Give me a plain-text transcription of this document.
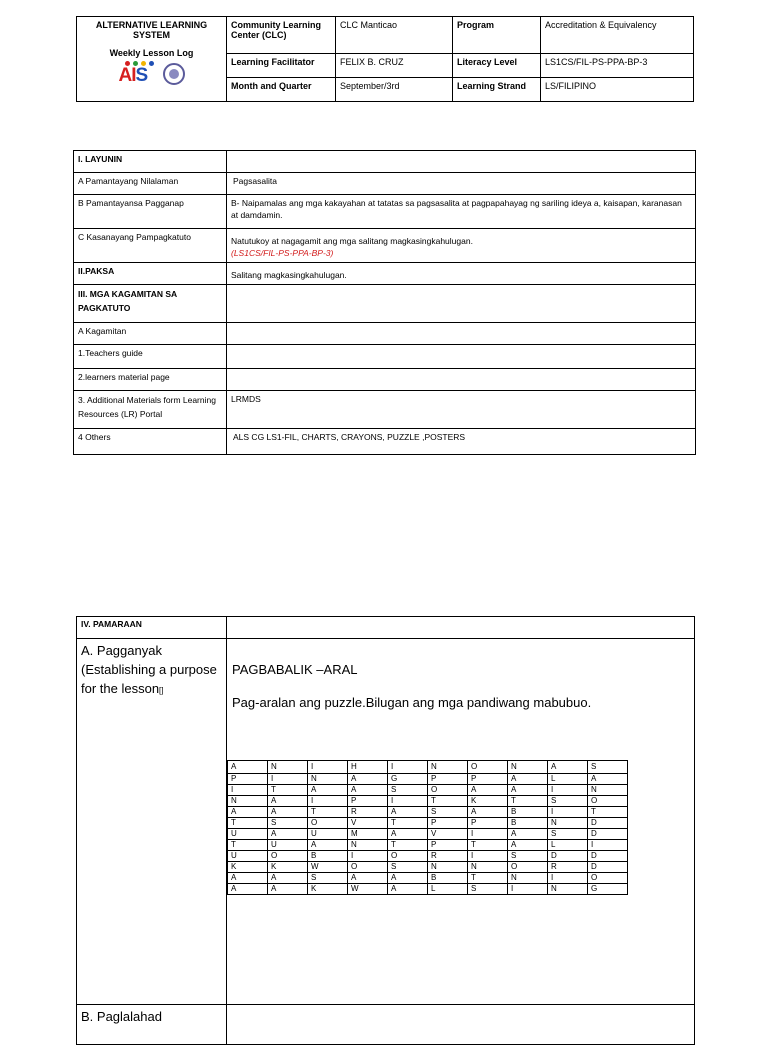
ALTERNATIVE LEARNING SYSTEM
Weekly Lesson Log
AIS	Community Learning Center (CLC)	CLC Manticao	Program	Accreditation & Equivalency
	Learning Facilitator	FELIX B. CRUZ	Literacy Level	LS1CS/FIL-PS-PPA-BP-3
	Month and Quarter	September/3rd	Learning Strand	LS/FILIPINO
I. LAYUNIN	
A Pamantayang Nilalaman	Pagsasalita
B Pamantayansa Pagganap	B- Naipamalas ang mga kakayahan at tatatas sa pagsasalita at pagpapahayag ng sariling ideya a, kaisapan, karanasan at damdamin.
C Kasanayang Pampagkatuto	Natutukoy at nagagamit ang mga salitang magkasingkahulugan.
(LS1CS/FIL-PS-PPA-BP-3)

II.PAKSA	Salitang magkasingkahulugan.

III. MGA KAGAMITAN SA PAGKATUTO	
A Kagamitan	
1.Teachers guide	
2.learners material page	
3. Additional Materials form Learning Resources (LR) Portal	LRMDS
4 Others	ALS CG LS1-FIL, CHARTS, CRAYONS, PUZZLE ,POSTERS
IV. PAMARAAN	
A. Pagganyak (Establishing a purpose for the lesson[]	PAGBABALIK –ARAL
Pag-aralan ang puzzle.Bilugan ang mga pandiwang mabubuo.

B. Paglalahad	
A	N	I	H	I	N	O	N	A	S
P	I	N	A	G	P	P	A	L	A
I	T	A	A	S	O	A	A	I	N
N	A	I	P	I	T	K	T	S	O
A	A	T	R	A	S	A	B	I	T
T	S	O	V	T	P	P	B	N	D
U	A	U	M	A	V	I	A	S	D
T	U	A	N	T	P	T	A	L	I
U	O	B	I	O	R	I	S	D	D
K	K	W	O	S	N	N	O	R	D
A	A	S	A	A	B	T	N	I	O
A	A	K	W	A	L	S	I	N	G
